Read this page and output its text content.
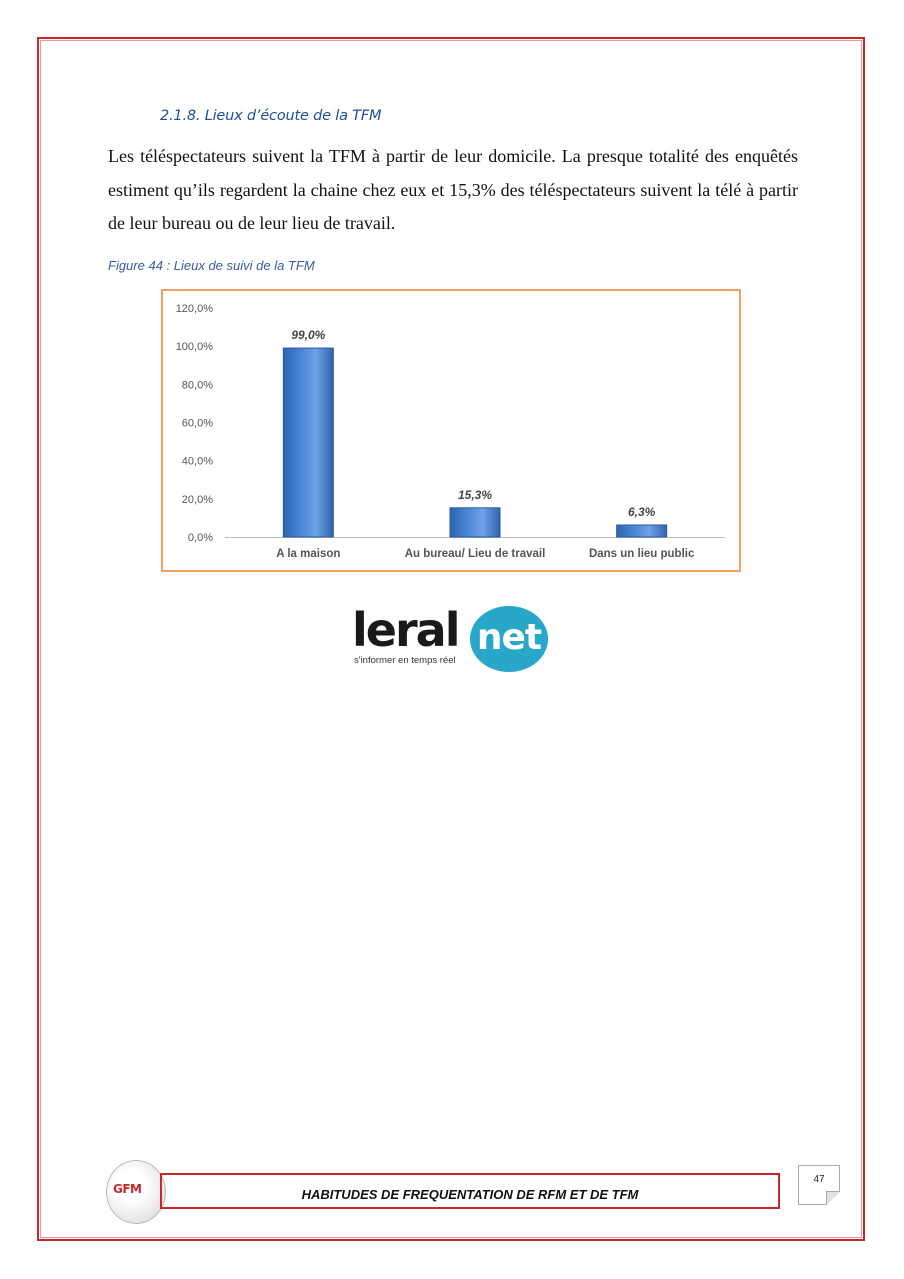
2.1.8. Lieux d’écoute de la TFM
Les téléspectateurs suivent la TFM à partir de leur domicile. La presque totalité des enquêtés estiment qu’ils regardent la chaine chez eux et 15,3% des téléspectateurs suivent la télé à partir de leur bureau ou de leur lieu de travail.
Figure 44 : Lieux de suivi de la TFM
0,0%
20,0%
40,0%
60,0%
80,0%
100,0%
120,0%
99,0%
A la maison
15,3%
Au bureau/ Lieu de travail
6,3%
Dans un lieu public
leral net
s'informer en temps réel
GFM	HABITUDES DE FREQUENTATION DE RFM ET DE TFM
47
